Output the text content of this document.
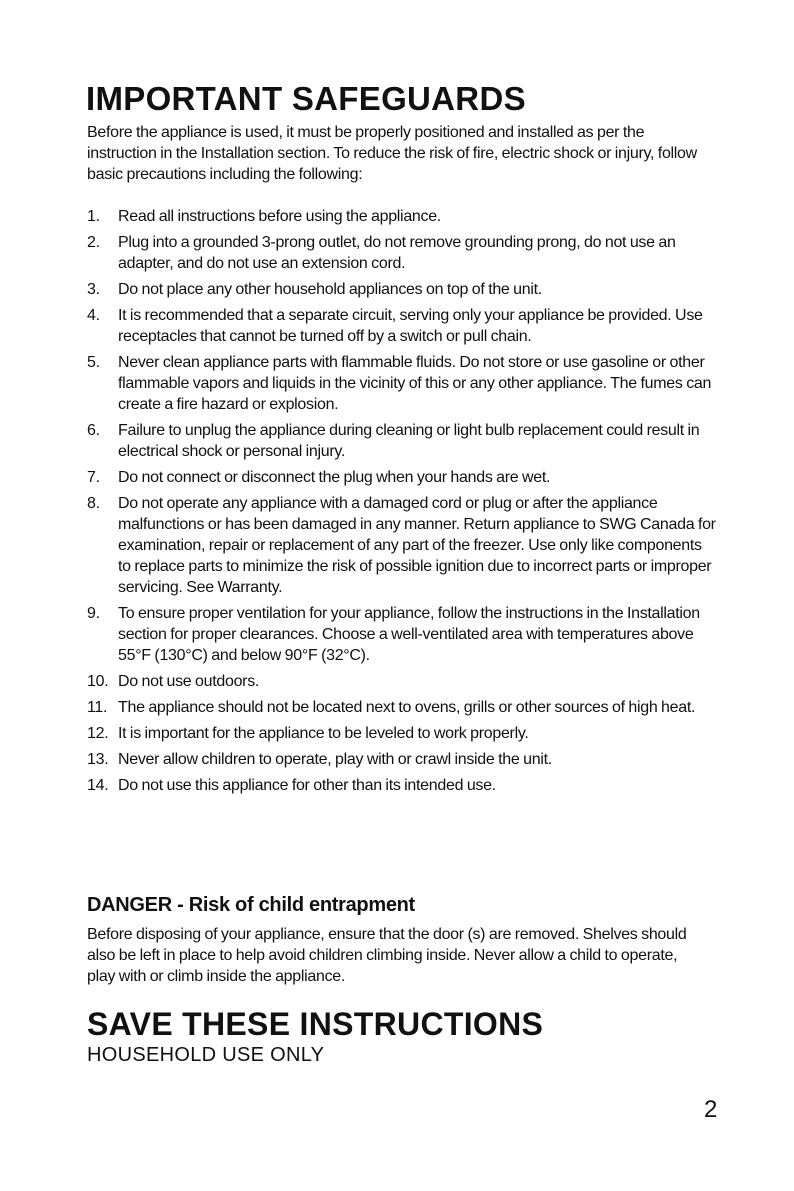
IMPORTANT SAFEGUARDS

Before the appliance is used, it must be properly positioned and installed as per the instruction in the Installation section. To reduce the risk of fire, electric shock or injury, follow basic precautions including the following:

1.	Read all instructions before using the appliance.
2.	Plug into a grounded 3-prong outlet, do not remove grounding prong, do not use an adapter, and do not use an extension cord.
3.	Do not place any other household appliances on top of the unit.
4.	It is recommended that a separate circuit, serving only your appliance be provided. Use receptacles that cannot be turned off by a switch or pull chain.
5.	Never clean appliance parts with flammable fluids. Do not store or use gasoline or other flammable vapors and liquids in the vicinity of this or any other appliance. The fumes can create a fire hazard or explosion.
6.	Failure to unplug the appliance during cleaning or light bulb replacement could result in electrical shock or personal injury.
7.	Do not connect or disconnect the plug when your hands are wet.
8.	Do not operate any appliance with a damaged cord or plug or after the appliance malfunctions or has been damaged in any manner. Return appliance to SWG Canada for examination, repair or replacement of any part of the freezer. Use only like components to replace parts to minimize the risk of possible ignition due to incorrect parts or improper servicing. See Warranty.
9.	To ensure proper ventilation for your appliance, follow the instructions in the Installation section for proper clearances. Choose a well-ventilated area with temperatures above 55°F (130°C) and below 90°F (32°C).
10. Do not use outdoors.
11. The appliance should not be located next to ovens, grills or other sources of high heat.
12. It is important for the appliance to be leveled to work properly.
13. Never allow children to operate, play with or crawl inside the unit.
14. Do not use this appliance for other than its intended use.
DANGER - Risk of child entrapment

Before disposing of your appliance, ensure that the door (s) are removed. Shelves should also be left in place to help avoid children climbing inside. Never allow a child to operate, play with or climb inside the appliance.

SAVE THESE INSTRUCTIONS

HOUSEHOLD USE ONLY

2
